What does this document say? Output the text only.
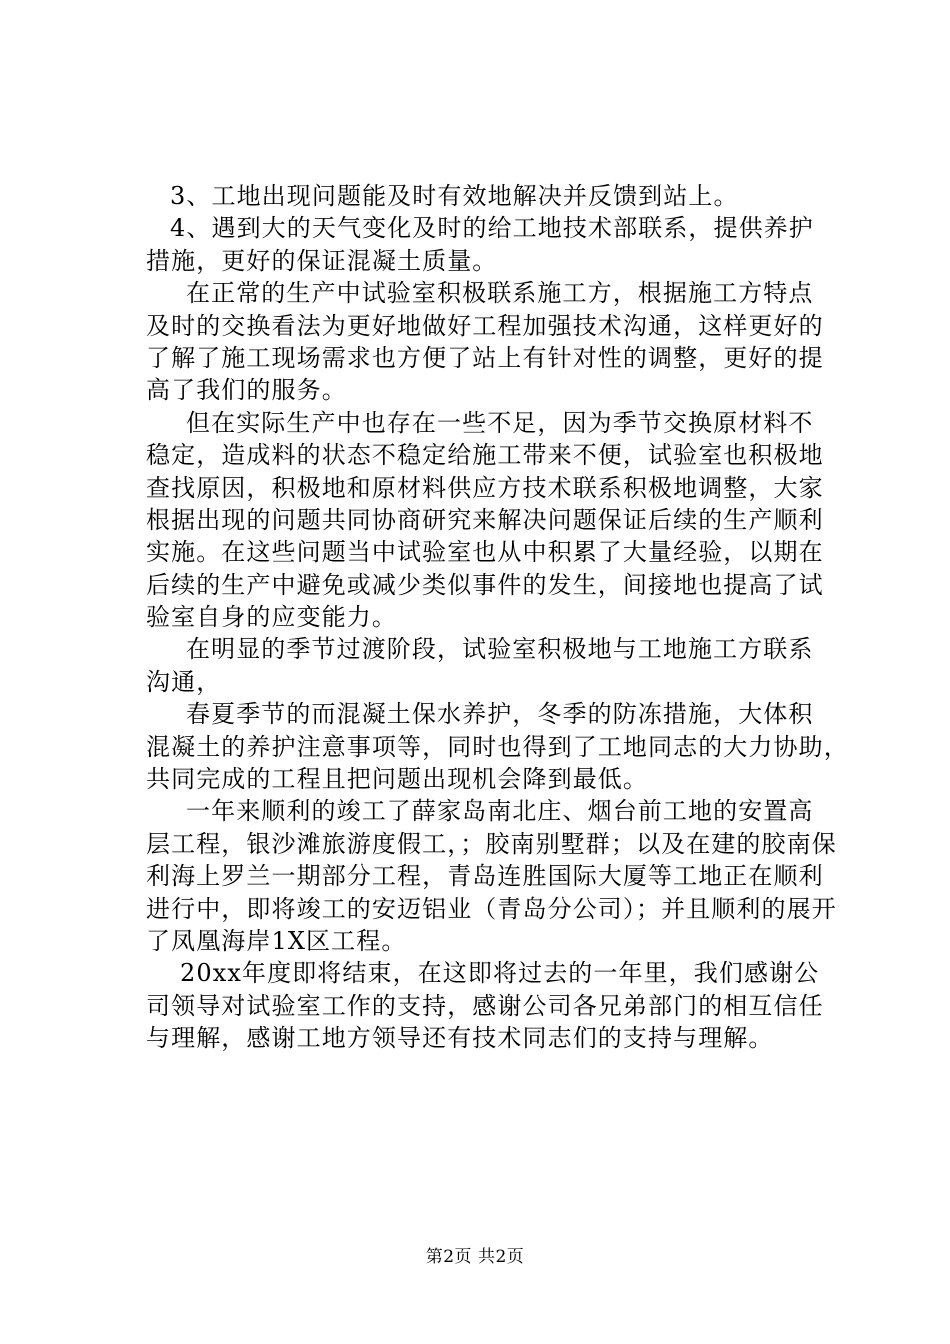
3、工地出现问题能及时有效地解决并反馈到站上。
4、遇到大的天气变化及时的给工地技术部联系，提供养护
措施，更好的保证混凝土质量。
在正常的生产中试验室积极联系施工方，根据施工方特点
及时的交换看法为更好地做好工程加强技术沟通，这样更好的
了解了施工现场需求也方便了站上有针对性的调整，更好的提
高了我们的服务。
但在实际生产中也存在一些不足，因为季节交换原材料不
稳定，造成料的状态不稳定给施工带来不便，试验室也积极地
查找原因，积极地和原材料供应方技术联系积极地调整，大家
根据出现的问题共同协商研究来解决问题保证后续的生产顺利
实施。在这些问题当中试验室也从中积累了大量经验，以期在
后续的生产中避免或减少类似事件的发生，间接地也提高了试
验室自身的应变能力。
在明显的季节过渡阶段，试验室积极地与工地施工方联系
沟通，
春夏季节的而混凝土保水养护，冬季的防冻措施，大体积
混凝土的养护注意事项等，同时也得到了工地同志的大力协助，
共同完成的工程且把问题出现机会降到最低。
一年来顺利的竣工了薛家岛南北庄、烟台前工地的安置高
层工程，银沙滩旅游度假工，；胶南别墅群；以及在建的胶南保
利海上罗兰一期部分工程，青岛连胜国际大厦等工地正在顺利
进行中，即将竣工的安迈铝业（青岛分公司）；并且顺利的展开
了凤凰海岸1X区工程。
20xx年度即将结束，在这即将过去的一年里，我们感谢公
司领导对试验室工作的支持，感谢公司各兄弟部门的相互信任
与理解，感谢工地方领导还有技术同志们的支持与理解。
第2页 共2页
